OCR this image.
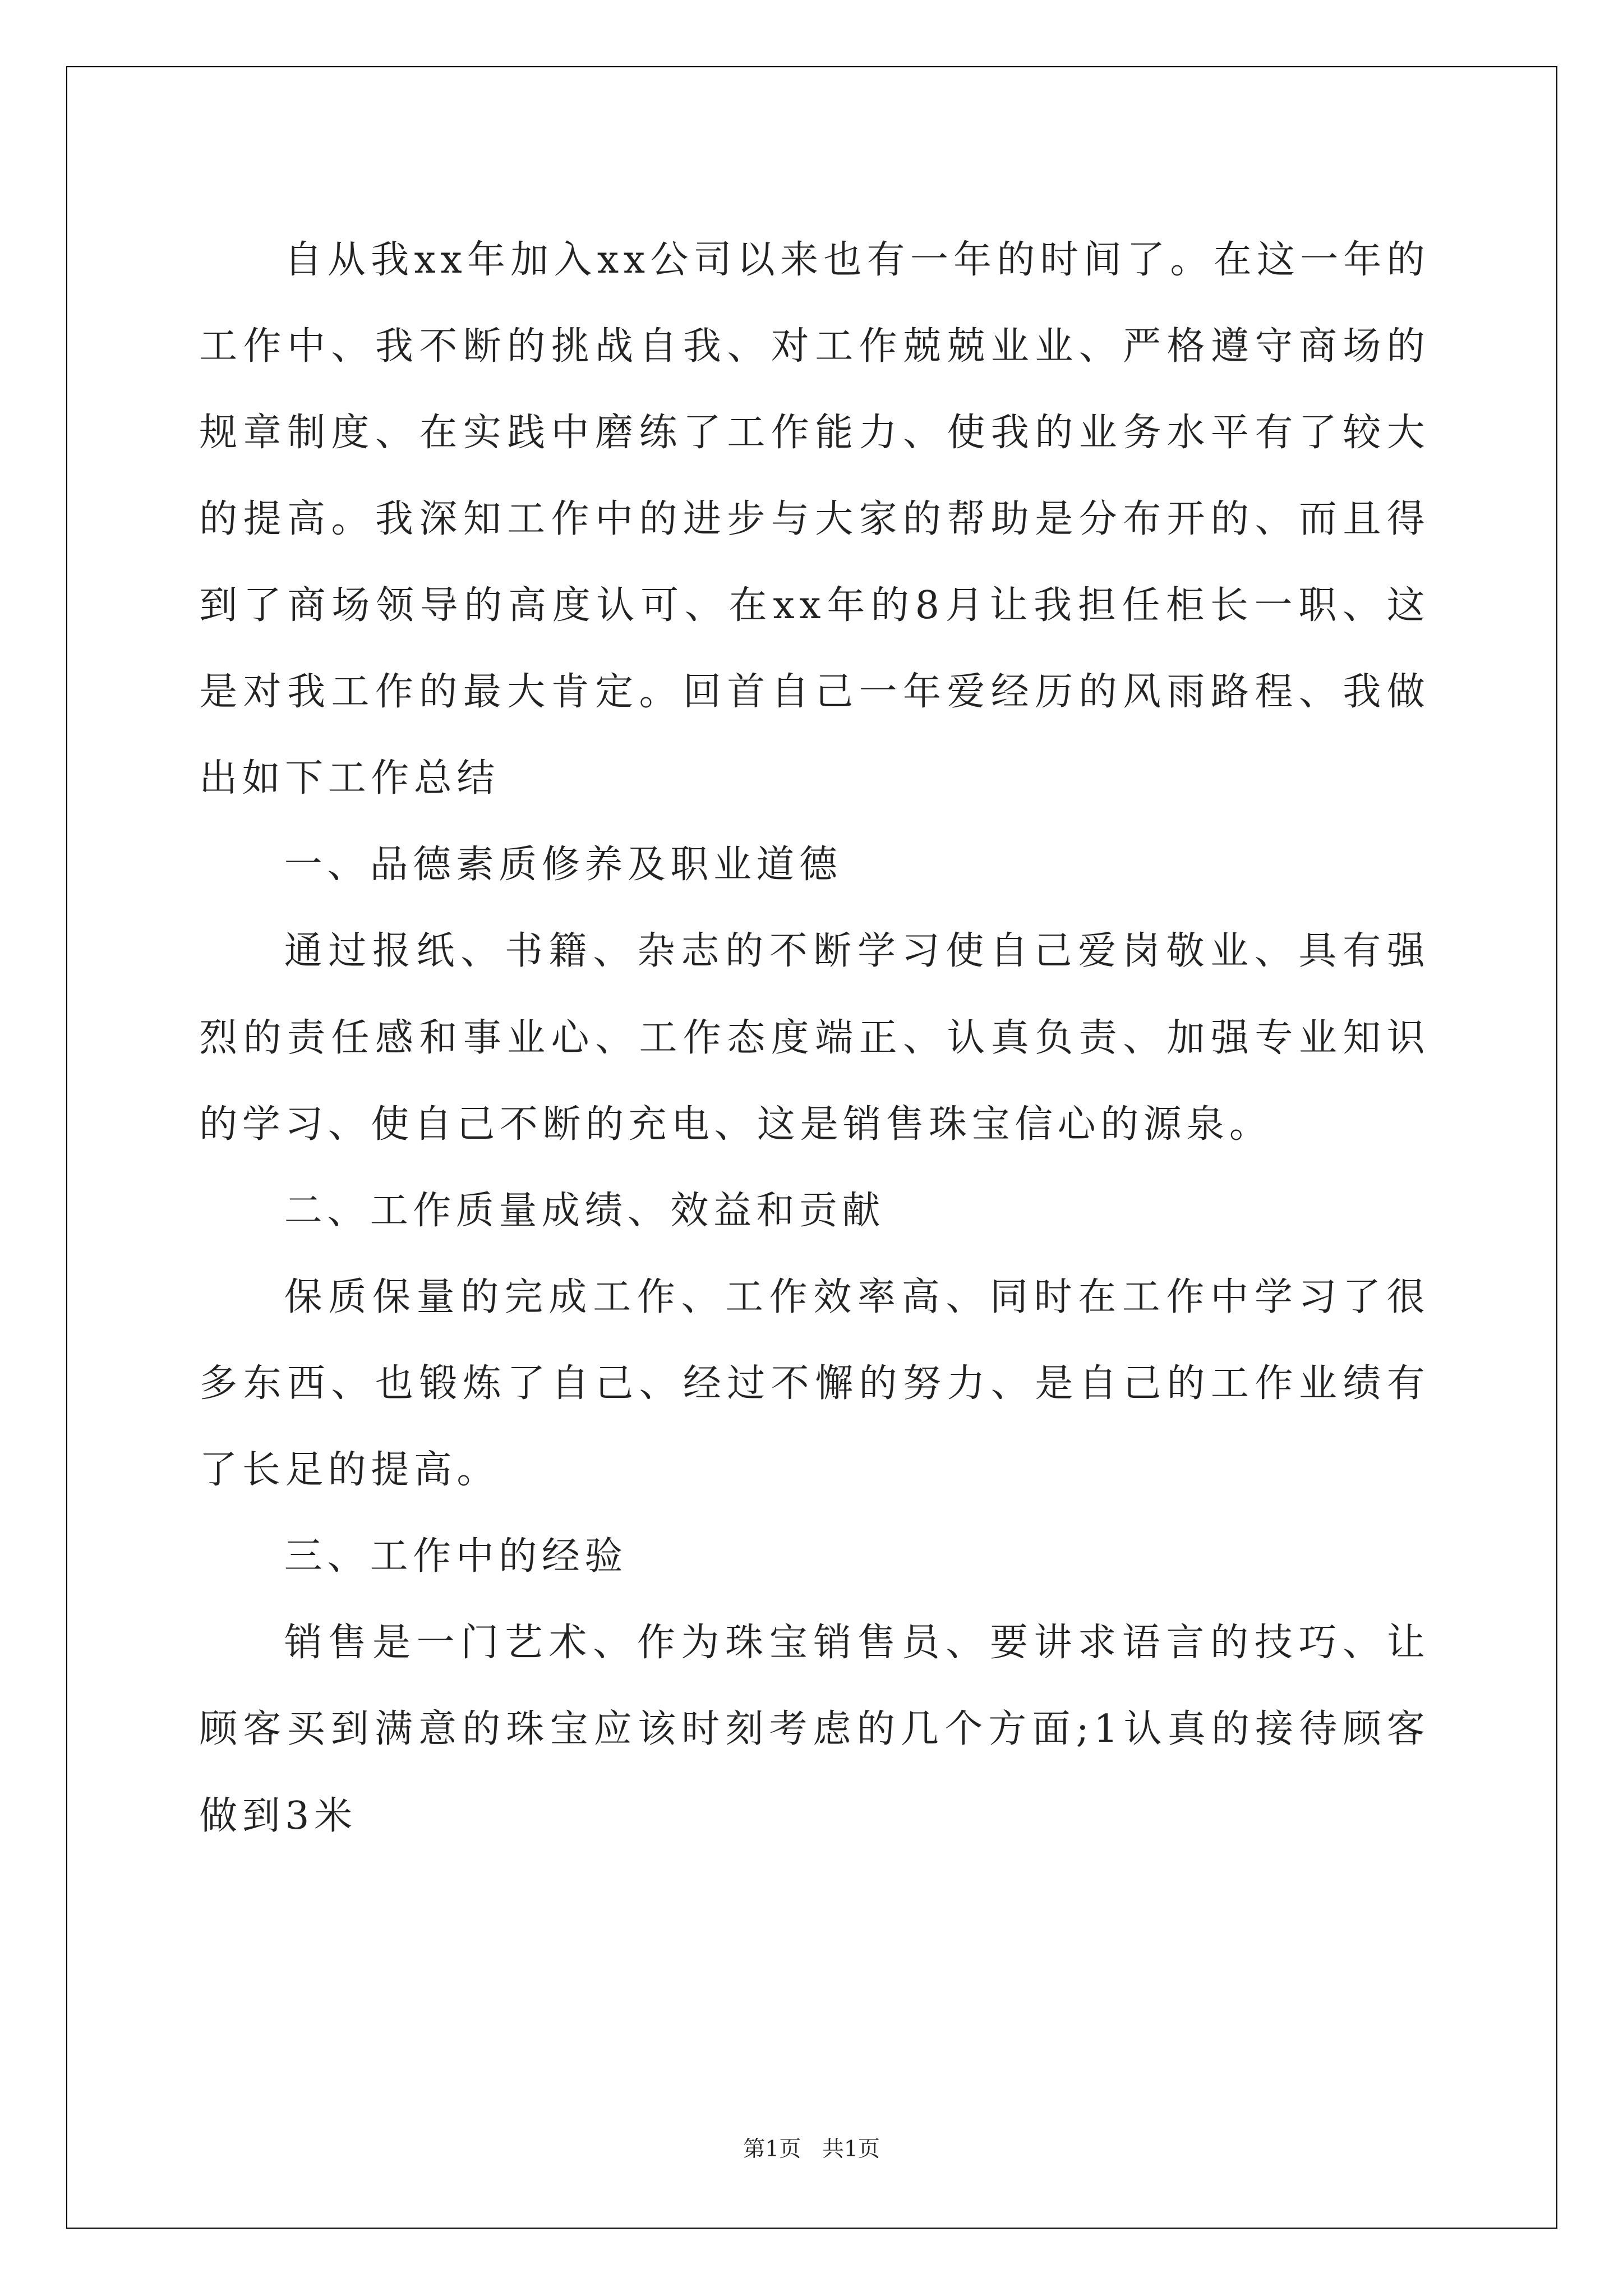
自从我xx年加入xx公司以来也有一年的时间了。在这一年的工作中、我不断的挑战自我、对工作兢兢业业、严格遵守商场的规章制度、在实践中磨练了工作能力、使我的业务水平有了较大的提高。我深知工作中的进步与大家的帮助是分布开的、而且得到了商场领导的高度认可、在xx年的8月让我担任柜长一职、这是对我工作的最大肯定。回首自己一年爱经历的风雨路程、我做出如下工作总结

一、品德素质修养及职业道德

通过报纸、书籍、杂志的不断学习使自己爱岗敬业、具有强烈的责任感和事业心、工作态度端正、认真负责、加强专业知识的学习、使自己不断的充电、这是销售珠宝信心的源泉。

二、工作质量成绩、效益和贡献

保质保量的完成工作、工作效率高、同时在工作中学习了很多东西、也锻炼了自己、经过不懈的努力、是自己的工作业绩有了长足的提高。

三、工作中的经验

销售是一门艺术、作为珠宝销售员、要讲求语言的技巧、让顾客买到满意的珠宝应该时刻考虑的几个方面;1认真的接待顾客做到3米

第1页   共1页
